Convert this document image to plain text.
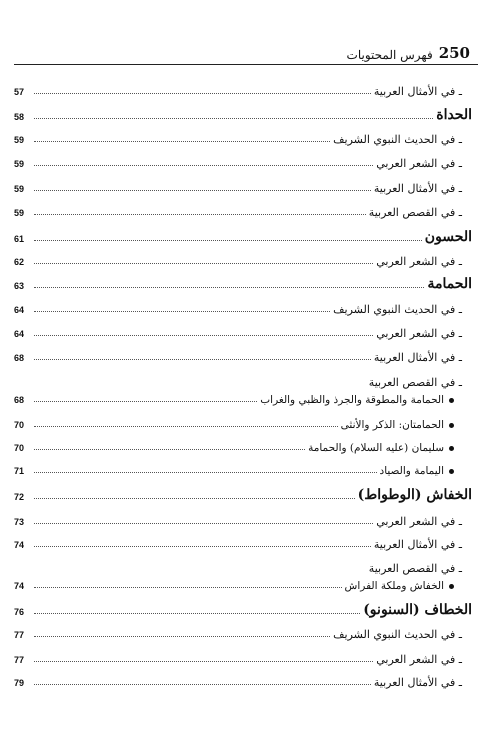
250
فهرس المحتويات
ـ في الأمثال العربية
57
الحداة
58
ـ في الحديث النبوي الشريف
59
ـ في الشعر العربي
59
ـ في الأمثال العربية
59
ـ في القصص العربية
59
الحسون
61
ـ في الشعر العربي
62
الحمامة
63
ـ في الحديث النبوي الشريف
64
ـ في الشعر العربي
64
ـ في الأمثال العربية
68
ـ في القصص العربية
الحمامة والمطوقة والجرذ والظبي والغراب
68
الحمامتان: الذكر والأنثى
70
سليمان (عليه السلام) والحمامة
70
اليمامة والصياد
71
الخفاش (الوطواط)
72
ـ في الشعر العربي
73
ـ في الأمثال العربية
74
ـ في القصص العربية
الخفاش وملكة الفراش
74
الخطاف (السنونو)
76
ـ في الحديث النبوي الشريف
77
ـ في الشعر العربي
77
ـ في الأمثال العربية
79
